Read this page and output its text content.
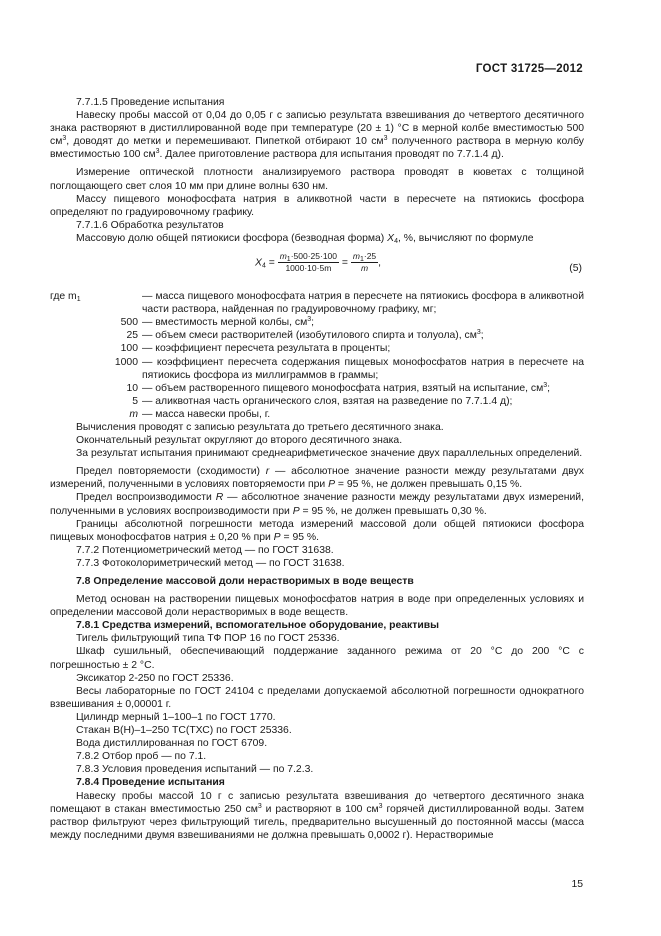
ГОСТ 31725—2012

7.7.1.5 Проведение испытания

Навеску пробы массой от 0,04 до 0,05 г с записью результата взвешивания до четвертого десятичного знака растворяют в дистиллированной воде при температуре (20 ± 1) °С в мерной колбе вместимостью 500 $см^3$, доводят до метки и перемешивают. Пипеткой отбирают 10 $см^3$ полученного раствора в мерную колбу вместимостью 100 $см^3$. Далее приготовление раствора для испытания проводят по 7.7.1.4 д).

Измерение оптической плотности анализируемого раствора проводят в кюветах с толщиной поглощающего свет слоя 10 мм при длине волны 630 нм.

Массу пищевого монофосфата натрия в аликвотной части в пересчете на пятиокись фосфора определяют по градуировочному графику.

7.7.1.6 Обработка результатов

Массовую долю общей пятиокиси фосфора (безводная форма) $X_4$, %, вычисляют по формуле

$X_4 = \frac{m_1\cdot 500\cdot 25\cdot 100}{1000\cdot 10\cdot 5m} = \frac{m_1\cdot 25}{m}$ ,
(5)
где $m_1$	— масса пищевого монофосфата натрия в пересчете на пятиокись фосфора в аликвотной части раствора, найденная по градуировочному графику, мг;
500 — вместимость мерной колбы, $см^3$;
25 — объем смеси растворителей (изобутилового спирта и толуола), $см^3$;
100 — коэффициент пересчета результата в проценты;
1000 — коэффициент пересчета содержания пищевых монофосфатов натрия в пересчете на пятиокись фосфора из миллиграммов в граммы;
10 — объем растворенного пищевого монофосфата натрия, взятый на испытание, $см^3$;
5 — аликвотная часть органического слоя, взятая на разведение по 7.7.1.4 д);
m — масса навески пробы, г.

Вычисления проводят с записью результата до третьего десятичного знака.

Окончательный результат округляют до второго десятичного знака.

За результат испытания принимают среднеарифметическое значение двух параллельных определений.

Предел повторяемости (сходимости) r — абсолютное значение разности между результатами двух измерений, полученными в условиях повторяемости при P = 95 %, не должен превышать 0,15 %.

Предел воспроизводимости R — абсолютное значение разности между результатами двух измерений, полученными в условиях воспроизводимости при P = 95 %, не должен превышать 0,30 %.

Границы абсолютной погрешности метода измерений массовой доли общей пятиокиси фосфора пищевых монофосфатов натрия ± 0,20 % при P = 95 %.

7.7.2 Потенциометрический метод — по ГОСТ 31638.

7.7.3 Фотоколориметрический метод — по ГОСТ 31638.

7.8 Определение массовой доли нерастворимых в воде веществ

Метод основан на растворении пищевых монофосфатов натрия в воде при определенных условиях и определении массовой доли нерастворимых в воде веществ.

7.8.1 Средства измерений, вспомогательное оборудование, реактивы

Тигель фильтрующий типа ТФ ПОР 16 по ГОСТ 25336.

Шкаф сушильный, обеспечивающий поддержание заданного режима от 20 °С до 200 °С с погрешностью ± 2 °С.

Эксикатор 2-250 по ГОСТ 25336.

Весы лабораторные по ГОСТ 24104 с пределами допускаемой абсолютной погрешности однократного взвешивания ± 0,00001 г.

Цилиндр мерный 1–100–1 по ГОСТ 1770.

Стакан В(Н)–1–250 ТС(ТХС) по ГОСТ 25336.

Вода дистиллированная по ГОСТ 6709.

7.8.2 Отбор проб — по 7.1.

7.8.3 Условия проведения испытаний — по 7.2.3.

7.8.4 Проведение испытания

Навеску пробы массой 10 г с записью результата взвешивания до четвертого десятичного знака помещают в стакан вместимостью 250 $см^3$ и растворяют в 100 $см^3$ горячей дистиллированной воды. Затем раствор фильтруют через фильтрующий тигель, предварительно высушенный до постоянной массы (масса между последними двумя взвешиваниями не должна превышать 0,0002 г). Нерастворимые

15
